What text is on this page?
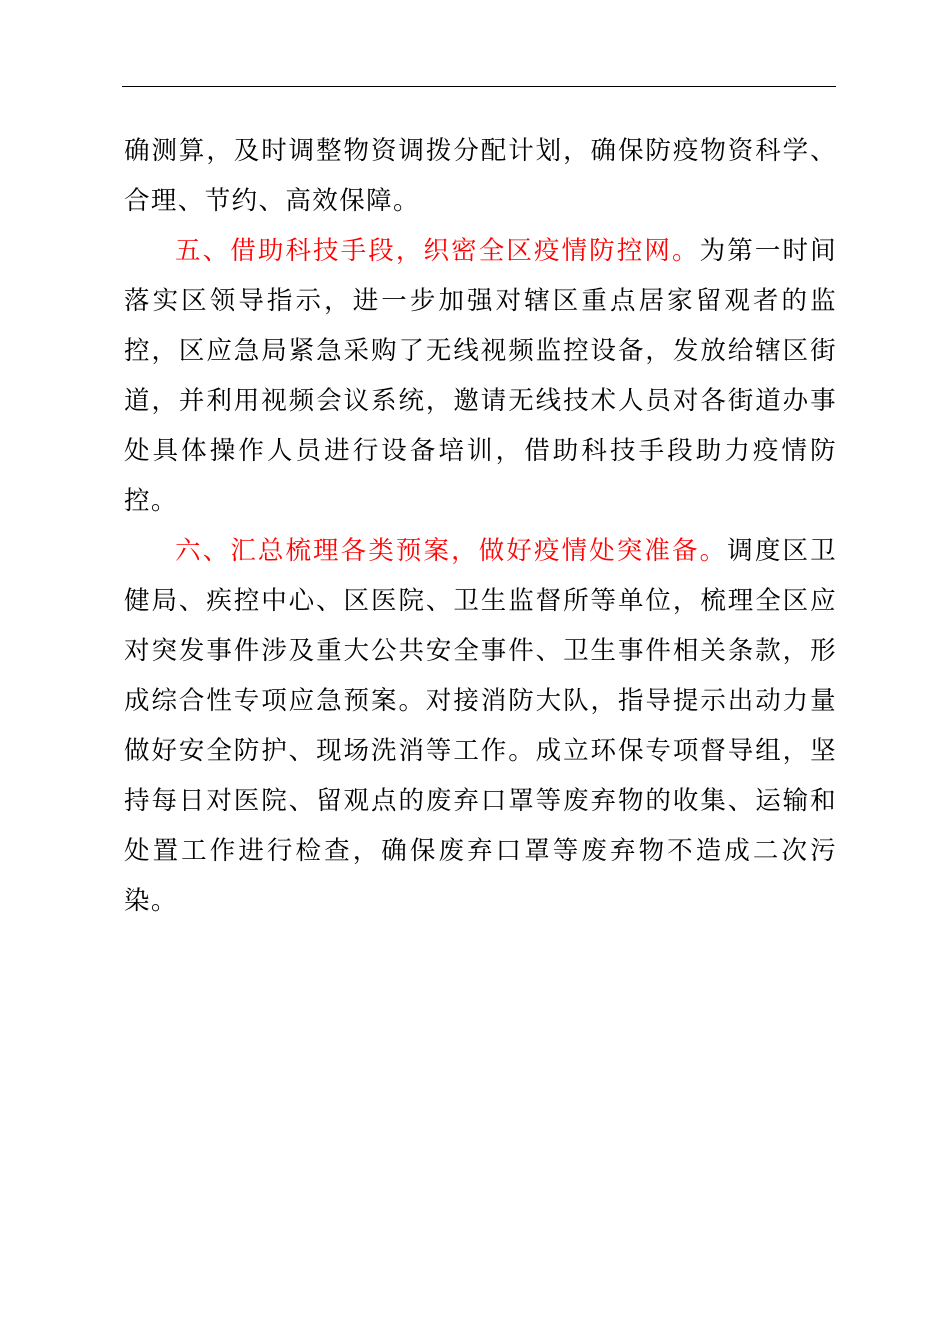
确测算，及时调整物资调拨分配计划，确保防疫物资科学、合理、节约、高效保障。

五、借助科技手段，织密全区疫情防控网。为第一时间落实区领导指示，进一步加强对辖区重点居家留观者的监控，区应急局紧急采购了无线视频监控设备，发放给辖区街道，并利用视频会议系统，邀请无线技术人员对各街道办事处具体操作人员进行设备培训，借助科技手段助力疫情防控。

六、汇总梳理各类预案，做好疫情处突准备。调度区卫健局、疾控中心、区医院、卫生监督所等单位，梳理全区应对突发事件涉及重大公共安全事件、卫生事件相关条款，形成综合性专项应急预案。对接消防大队，指导提示出动力量做好安全防护、现场洗消等工作。成立环保专项督导组，坚持每日对医院、留观点的废弃口罩等废弃物的收集、运输和处置工作进行检查，确保废弃口罩等废弃物不造成二次污染。
